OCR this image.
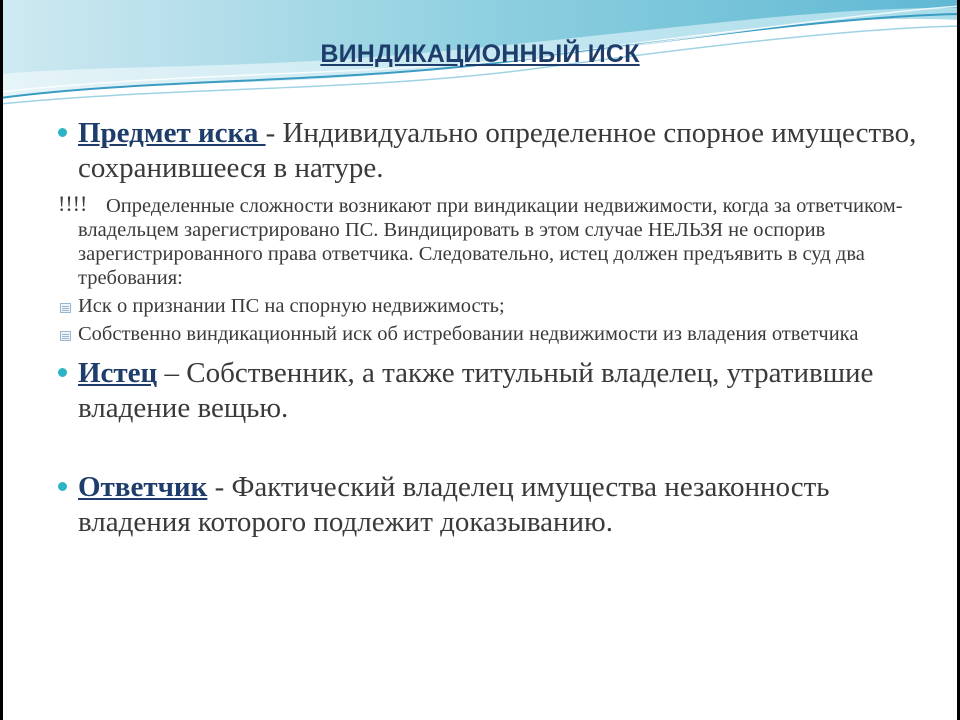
ВИНДИКАЦИОННЫЙ ИСК
Предмет иска - Индивидуально определенное спорное имущество, сохранившееся в натуре.
!!!! Определенные сложности возникают при виндикации недвижимости, когда за ответчиком-владельцем зарегистрировано ПС. Виндицировать в этом случае НЕЛЬЗЯ не оспорив зарегистрированного права ответчика. Следовательно, истец должен предъявить в суд два требования:
Иск о признании ПС на спорную недвижимость;
Собственно виндикационный иск об истребовании недвижимости из владения ответчика
Истец – Собственник, а также титульный владелец, утратившие владение вещью.
Ответчик - Фактический владелец имущества незаконность владения которого подлежит доказыванию.
